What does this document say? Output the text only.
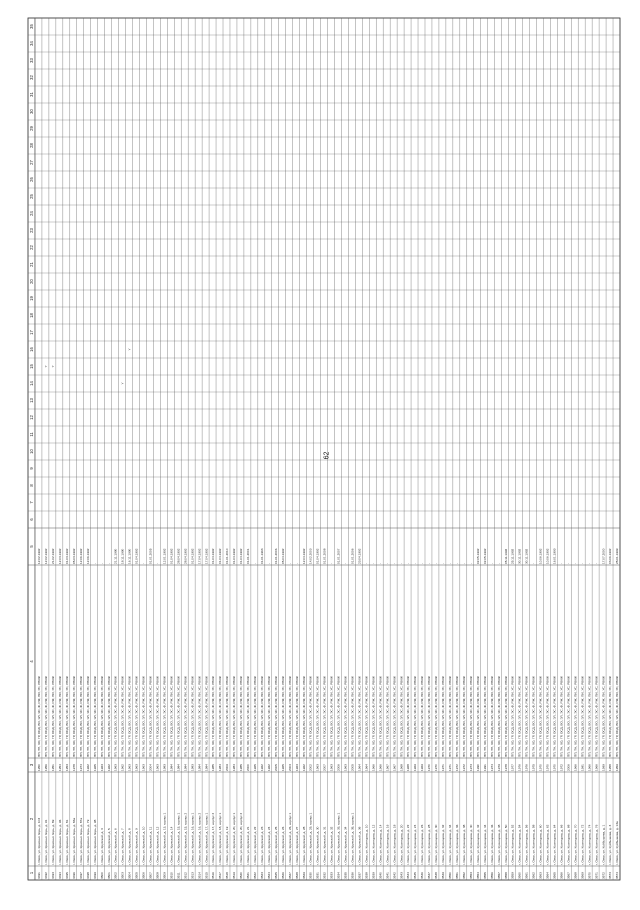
1
2
3
4
5
6
7
8
9
10
11
12
13
14
15
16
17
18
19
20
21
22
23
24
25
26
27
28
29
30
31
32
33
34
35
3491
г. Омск, ул. Красных Зорь, д. 103
1950
ПП, ТН, ХО, ГР, ОСД, ВО, ЭЛ, ЭС, Ф, РЖ, ПИ, УС, РВКЖ
12.02.1992
3492
г. Омск, ул. Красных Зорь, д. 91
1956
ПП, ТН, ХО, ГР, ОСД, ВО, ЭЛ, ЭС, Ф, РЖ, ПИ, УС, РВКЖ
12.02.1992
Y
3493
г. Омск, ул. Красных Зорь, д. 89
1951
ПП, ТН, ХО, ГР, ОСД, ВО, ЭЛ, ЭС, Ф, РЖ, ПИ, УС, РВКЖ
21.02.1992
Y
3494
г. Омск, ул. Красных Зорь, д. 96
1954
ПП, ТН, ХО, ГР, ОСД, ВО, ЭЛ, ЭС, Ф, РЖ, ПИ, УС, РВКЖ
12.03.1992
3495
г. Омск, ул. Красных Зорь, д. 81
1953
ПП, ТН, ХО, ГР, ОСД, ВО, ЭЛ, ЭС, Ф, РЖ, ПИ, УС, РВКЖ
01.03.1992
3496
г. Омск, ул. Красных Зорь, д. 83а
1978
ПП, ТН, ХО, ГР, ОСД, ВО, ЭЛ, ЭС, Ф, РЖ, ПИ, УС, РВКЖ
05.03.1992
3497
г. Омск, ул. Красных Зорь, д. 87а
1974
ПП, ТН, ХО, ГР, ОСД, ВО, ЭЛ, ЭС, Ф, РЖ, ПИ, УС, РВКЖ
12.06.1992
3498
г. Омск, ул. Красных Зорь, д. 79
1962
ПП, ТН, ХО, ГР, ОСД, ВО, ЭЛ, ЭС, Ф, РЖ, ПИ, УС, РВКЖ
12.06.1992
3499
г. Омск, ул. Красных Зорь, д. 98
1965
ПП, ТН, ХО, ГР, ОСД, ВО, ЭЛ, ЭС, Ф, РЖ, ПИ, УС, РВКЖ
-
3500
г. Омск, ул. Крупской, д. 3
1963
ПП, ТН, ХО, ГР, ОСД, ВО, ЭЛ, ЭС, Ф, РЖ, ПИ, УС, РВКЖ
-
3501
г. Омск, ул. Крупской, д. 5
1962
ПП, ТН, ХО, ГР, ОСД, ВО, ЭЛ, ЭС, Ф, РЖ, ПИ, УС, РВКЖ
-
3502
г. Омск, ул. Крупской, д. 6
1963
ПП, ТН, ХО, ГР, ОСД, ВО, ЭЛ, ЭС, Ф, РЖ, ПИ, УС, РВКЖ
21.11.1990
3503
г. Омск, ул. Крупской, д. 7
1962
ПП, ТН, ХО, ГР, ОСД, ВО, ЭЛ, ЭС, Ф, РЖ, ПИ, УС, РВКЖ
18.11.1990
Y
3504
г. Омск, ул. Крупской, д. 8
1963
ПП, ТН, ХО, ГР, ОСД, ВО, ЭЛ, ЭС, Ф, РЖ, ПИ, УС, РВКЖ
16.11.1990
Y
3505
г. Омск, ул. Крупской, д. 9
1963
ПП, ТН, ХО, ГР, ОСД, ВО, ЭЛ, ЭС, Ф, РЖ, ПИ, УС, РВКЖ
01.04.1992
3506
г. Омск, ул. Крупской, д. 10
1963
ПП, ТН, ХО, ГР, ОСД, ВО, ЭЛ, ЭС, Ф, РЖ, ПИ, УС, РВКЖ
-
3507
г. Омск, ул. Крупской, д. 11
2004
ПП, ТН, ХО, ГР, ОСД, ВО, ЭЛ, ЭС, Ф, РЖ, ПИ, УС, РВКЖ
01.01.2005
3508
г. Омск, ул. Крупской, д. 12
1963
ПП, ТН, ХО, ГР, ОСД, ВО, ЭЛ, ЭС, Ф, РЖ, ПИ, УС, РВКЖ
-
3509
г. Омск, ул. Крупской, д. 13, корпус 1
1983
ПП, ТН, ХО, ГР, ОСД, ВО, ЭЛ, ЭС, Ф, РЖ, ПИ, УС, РВКЖ
12.01.1992
3510
г. Омск, ул. Крупской, д. 14
1984
ПП, ТН, ХО, ГР, ОСД, ВО, ЭЛ, ЭС, Ф, РЖ, ПИ, УС, РВКЖ
01.04.1992
3511
г. Омск, ул. Крупской, д. 15, корпус 1
1984
ПП, ТН, ХО, ГР, ОСД, ВО, ЭЛ, ЭС, Ф, РЖ, ПИ, УС, РВКЖ
28.04.1992
3512
г. Омск, ул. Крупской, д. 15, корпус 2
1984
ПП, ТН, ХО, ГР, ОСД, ВО, ЭЛ, ЭС, Ф, РЖ, ПИ, УС, РВКЖ
28.04.1992
3513
г. Омск, ул. Крупской, д. 16, корпус 1
1983
ПП, ТН, ХО, ГР, ОСД, ВО, ЭЛ, ЭС, Ф, РЖ, ПИ, УС, РВКЖ
01.04.1992
3514
г. Омск, ул. Крупской, д. 16, корпус 2
1984
ПП, ТН, ХО, ГР, ОСД, ВО, ЭЛ, ЭС, Ф, РЖ, ПИ, УС, РВКЖ
17.04.1992
3515
г. Омск, ул. Крупской, д. 17, корпус 1
1984
ПП, ТН, ХО, ГР, ОСД, ВО, ЭЛ, ЭС, Ф, РЖ, ПИ, УС, РВКЖ
17.04.1992
3516
г. Омск, ул. Крупской, д. 17, корпус 2
1985
ПП, ТН, ХО, ГР, ОСД, ВО, ЭЛ, ЭС, Ф, РЖ, ПИ, УС, РВКЖ
01.04.1992
3517
г. Омск, ул. Крупской, д. 18, корпус 1
1984
ПП, ТН, ХО, ГР, ОСД, ВО, ЭЛ, ЭС, Ф, РЖ, ПИ, УС, РВКЖ
01.04.1992
3518
г. Омск, ул. Крупской, д. 19
2009
ПП, ТН, ХО, ГР, ОСД, ВО, ЭЛ, ЭС, Ф, РЖ, ПИ, УС, РВКЖ
01.01.2010
3519
г. Омск, ул. Крупской, д. 20, корпус 1
1984
ПП, ТН, ХО, ГР, ОСД, ВО, ЭЛ, ЭС, Ф, РЖ, ПИ, УС, РВКЖ
01.04.1992
3520
г. Омск, ул. Крупской, д. 20, корпус 2
1985
ПП, ТН, ХО, ГР, ОСД, ВО, ЭЛ, ЭС, Ф, РЖ, ПИ, УС, РВКЖ
01.04.1992
3521
г. Омск, ул. Крупской, д. 21
2000
ПП, ТН, ХО, ГР, ОСД, ВО, ЭЛ, ЭС, Ф, РЖ, ПИ, УС, РВКЖ
01.01.2001
3522
г. Омск, ул. Крупской, д. 22
1965
ПП, ТН, ХО, ГР, ОСД, ВО, ЭЛ, ЭС, Ф, РЖ, ПИ, УС, РВКЖ
-
3523
г. Омск, ул. Крупской, д. 23
1962
ПП, ТН, ХО, ГР, ОСД, ВО, ЭЛ, ЭС, Ф, РЖ, ПИ, УС, РВКЖ
01.01.1963
3524
г. Омск, ул. Крупской, д. 24
1962
ПП, ТН, ХО, ГР, ОСД, ВО, ЭЛ, ЭС, Ф, РЖ, ПИ, УС, РВКЖ
-
3525
г. Омск, ул. Крупской, д. 25
2005
ПП, ТН, ХО, ГР, ОСД, ВО, ЭЛ, ЭС, Ф, РЖ, ПИ, УС, РВКЖ
01.01.2006
3526
г. Омск, ул. Крупской, д. 26
1965
ПП, ТН, ХО, ГР, ОСД, ВО, ЭЛ, ЭС, Ф, РЖ, ПИ, УС, РВКЖ
05.04.1992
3527
г. Омск, ул. Крупской, д. 26, корпус 1
2003
ПП, ТН, ХО, ГР, ОСД, ВО, ЭЛ, ЭС, Ф, РЖ, ПИ, УС, РВКЖ
-
3528
г. Омск, ул. Крупской, д. 27
1963
ПП, ТН, ХО, ГР, ОСД, ВО, ЭЛ, ЭС, Ф, РЖ, ПИ, УС, РВКЖ
-
3529
г. Омск, ул. Крупской, д. 28
1962
ПП, ТН, ХО, ГР, ОСД, ВО, ЭЛ, ЭС, Ф, РЖ, ПИ, УС, РВКЖ
12.04.1992
3530
г. Омск, ул. Крупской, д. 29, корпус 1
2002
ПП, ТН, ХО, ГР, ОСД, ВО, ЭЛ, ЭС, Ф, РЖ, ПИ, УС, РВКЖ
14.02.2003
3531
г. Омск, ул. Крупской, д. 30
1963
ПП, ТН, ХО, ГР, ОСД, ВО, ЭЛ, ЭС, Ф, РЖ, ПИ, УС, РВКЖ
01.04.1992
3532
г. Омск, ул. Крупской, д. 31
2007
ПП, ТН, ХО, ГР, ОСД, ВО, ЭЛ, ЭС, Ф, РЖ, ПИ, УС, РВКЖ
01.01.2008
3533
г. Омск, ул. Крупской, д. 32
1963
ПП, ТН, ХО, ГР, ОСД, ВО, ЭЛ, ЭС, Ф, РЖ, ПИ, УС, РВКЖ
-
3534
г. Омск, ул. Крупской, д. 33, корпус 1
2006
ПП, ТН, ХО, ГР, ОСД, ВО, ЭЛ, ЭС, Ф, РЖ, ПИ, УС, РВКЖ
01.01.2007
3535
г. Омск, ул. Крупской, д. 34
1963
ПП, ТН, ХО, ГР, ОСД, ВО, ЭЛ, ЭС, Ф, РЖ, ПИ, УС, РВКЖ
-
3536
г. Омск, ул. Крупской, д. 35, корпус 1
2005
ПП, ТН, ХО, ГР, ОСД, ВО, ЭЛ, ЭС, Ф, РЖ, ПИ, УС, РВКЖ
01.01.2006
3537
г. Омск, ул. Крупской, д. 36
1964
ПП, ТН, ХО, ГР, ОСД, ВО, ЭЛ, ЭС, Ф, РЖ, ПИ, УС, РВКЖ
23.04.1992
3538
г. Омск, ул. Кузнецова, д. 10
1964
ПП, ТН, ХО, ГР, ОСД, ВО, ЭЛ, ЭС, Ф, РЖ, ПИ, УС, РВКЖ
-
3539
г. Омск, ул. Кузнецова, д. 12
1966
ПП, ТН, ХО, ГР, ОСД, ВО, ЭЛ, ЭС, Ф, РЖ, ПИ, УС, РВКЖ
-
3540
г. Омск, ул. Кузнецова, д. 14
1966
ПП, ТН, ХО, ГР, ОСД, ВО, ЭЛ, ЭС, Ф, РЖ, ПИ, УС, РВКЖ
-
3541
г. Омск, ул. Кузнецова, д. 16
1967
ПП, ТН, ХО, ГР, ОСД, ВО, ЭЛ, ЭС, Ф, РЖ, ПИ, УС, РВКЖ
-
3542
г. Омск, ул. Кузнецова, д. 18
1967
ПП, ТН, ХО, ГР, ОСД, ВО, ЭЛ, ЭС, Ф, РЖ, ПИ, УС, РВКЖ
-
3543
г. Омск, ул. Кузнецова, д. 20
1968
ПП, ТН, ХО, ГР, ОСД, ВО, ЭЛ, ЭС, Ф, РЖ, ПИ, УС, РВКЖ
-
3544
г. Омск, ул. Кузнецова, д. 22
1968
ПП, ТН, ХО, ГР, ОСД, ВО, ЭЛ, ЭС, Ф, РЖ, ПИ, УС, РВКЖ
-
3545
г. Омск, ул. Кузнецова, д. 24
1969
ПП, ТН, ХО, ГР, ОСД, ВО, ЭЛ, ЭС, Ф, РЖ, ПИ, УС, РВКЖ
-
3546
г. Омск, ул. Кузнецова, д. 26
1969
ПП, ТН, ХО, ГР, ОСД, ВО, ЭЛ, ЭС, Ф, РЖ, ПИ, УС, РВКЖ
-
3547
г. Омск, ул. Кузнецова, д. 28
1970
ПП, ТН, ХО, ГР, ОСД, ВО, ЭЛ, ЭС, Ф, РЖ, ПИ, УС, РВКЖ
-
3548
г. Омск, ул. Кузнецова, д. 30
1970
ПП, ТН, ХО, ГР, ОСД, ВО, ЭЛ, ЭС, Ф, РЖ, ПИ, УС, РВКЖ
-
3549
г. Омск, ул. Кузнецова, д. 32
1971
ПП, ТН, ХО, ГР, ОСД, ВО, ЭЛ, ЭС, Ф, РЖ, ПИ, УС, РВКЖ
-
3550
г. Омск, ул. Кузнецова, д. 34
1971
ПП, ТН, ХО, ГР, ОСД, ВО, ЭЛ, ЭС, Ф, РЖ, ПИ, УС, РВКЖ
-
3551
г. Омск, ул. Кузнецова, д. 36
1972
ПП, ТН, ХО, ГР, ОСД, ВО, ЭЛ, ЭС, Ф, РЖ, ПИ, УС, РВКЖ
-
3552
г. Омск, ул. Кузнецова, д. 38
1972
ПП, ТН, ХО, ГР, ОСД, ВО, ЭЛ, ЭС, Ф, РЖ, ПИ, УС, РВКЖ
-
3553
г. Омск, ул. Кузнецова, д. 40
1973
ПП, ТН, ХО, ГР, ОСД, ВО, ЭЛ, ЭС, Ф, РЖ, ПИ, УС, РВКЖ
-
3554
г. Омск, ул. Кузнецова, д. 42
1990
ПП, ТН, ХО, ГР, ОСД, ВО, ЭЛ, ЭС, Ф, РЖ, ПИ, УС, РВКЖ
02.05.1992
3555
г. Омск, ул. Кузнецова, д. 44
1991
ПП, ТН, ХО, ГР, ОСД, ВО, ЭЛ, ЭС, Ф, РЖ, ПИ, УС, РВКЖ
02.05.1992
3556
г. Омск, ул. Кузнецова, д. 46
1974
ПП, ТН, ХО, ГР, ОСД, ВО, ЭЛ, ЭС, Ф, РЖ, ПИ, УС, РВКЖ
-
3557
г. Омск, ул. Кузнецова, д. 48
1979
ПП, ТН, ХО, ГР, ОСД, ВО, ЭЛ, ЭС, Ф, РЖ, ПИ, УС, РВКЖ
-
3558
г. Омск, ул. Кузнецова, д. 50
1978
ПП, ТН, ХО, ГР, ОСД, ВО, ЭЛ, ЭС, Ф, РЖ, ПИ, УС, РВКЖ
05.11.1992
3559
г. Омск, ул. Кузнецова, д. 52
1977
ПП, ТН, ХО, ГР, ОСД, ВО, ЭЛ, ЭС, Ф, РЖ, ПИ, УС, РВКЖ
25.11.1992
3560
г. Омск, ул. Кузнецова, д. 54
1976
ПП, ТН, ХО, ГР, ОСД, ВО, ЭЛ, ЭС, Ф, РЖ, ПИ, УС, РВКЖ
30.11.1992
3561
г. Омск, ул. Кузнецова, д. 56
1976
ПП, ТН, ХО, ГР, ОСД, ВО, ЭЛ, ЭС, Ф, РЖ, ПИ, УС, РВКЖ
30.11.1992
3562
г. Омск, ул. Кузнецова, д. 58
1975
ПП, ТН, ХО, ГР, ОСД, ВО, ЭЛ, ЭС, Ф, РЖ, ПИ, УС, РВКЖ
-
3563
г. Омск, ул. Кузнецова, д. 60
1970
ПП, ТН, ХО, ГР, ОСД, ВО, ЭЛ, ЭС, Ф, РЖ, ПИ, УС, РВКЖ
10.06.1992
3564
г. Омск, ул. Кузнецова, д. 62
1970
ПП, ТН, ХО, ГР, ОСД, ВО, ЭЛ, ЭС, Ф, РЖ, ПИ, УС, РВКЖ
10.06.1992
3565
г. Омск, ул. Кузнецова, д. 64
1970
ПП, ТН, ХО, ГР, ОСД, ВО, ЭЛ, ЭС, Ф, РЖ, ПИ, УС, РВКЖ
16.01.1993
3566
г. Омск, ул. Кузнецова, д. 66
1972
ПП, ТН, ХО, ГР, ОСД, ВО, ЭЛ, ЭС, Ф, РЖ, ПИ, УС, РВКЖ
-
3567
г. Омск, ул. Кузнецова, д. 68
2006
ПП, ТН, ХО, ГР, ОСД, ВО, ЭЛ, ЭС, Ф, РЖ, ПИ, УС, РВКЖ
-
3568
г. Омск, ул. Кузнецова, д. 70
1966
ПП, ТН, ХО, ГР, ОСД, ВО, ЭЛ, ЭС, Ф, РЖ, ПИ, УС, РВКЖ
-
3569
г. Омск, ул. Кузнецова, д. 72
1991
ПП, ТН, ХО, ГР, ОСД, ВО, ЭЛ, ЭС, Ф, РЖ, ПИ, УС, РВКЖ
-
3570
г. Омск, ул. Кузнецова, д. 74
1966
ПП, ТН, ХО, ГР, ОСД, ВО, ЭЛ, ЭС, Ф, РЖ, ПИ, УС, РВКЖ
-
3571
г. Омск, ул. Кузнецова, д. 76
1966
ПП, ТН, ХО, ГР, ОСД, ВО, ЭЛ, ЭС, Ф, РЖ, ПИ, УС, РВКЖ
-
3572
г. Омск, ул. Куйбышева, д. 1
1999
ПП, ТН, ХО, ГР, ОСД, ВО, ЭЛ, ЭС, Ф, РЖ, ПИ, УС, РВКЖ
17.07.2000
3573
г. Омск, ул. Куйбышева, д. 3
1958
ПП, ТН, ХО, ГР, ОСД, ВО, ЭЛ, ЭС, Ф, РЖ, ПИ, УС, РВКЖ
03.06.1992
3574
г. Омск, ул. Куйбышева, д. 13а
1959
ПП, ТН, ХО, ГР, ОСД, ВО, ЭЛ, ЭС, Ф, РЖ, ПИ, УС, РВКЖ
28.01.1999
62
